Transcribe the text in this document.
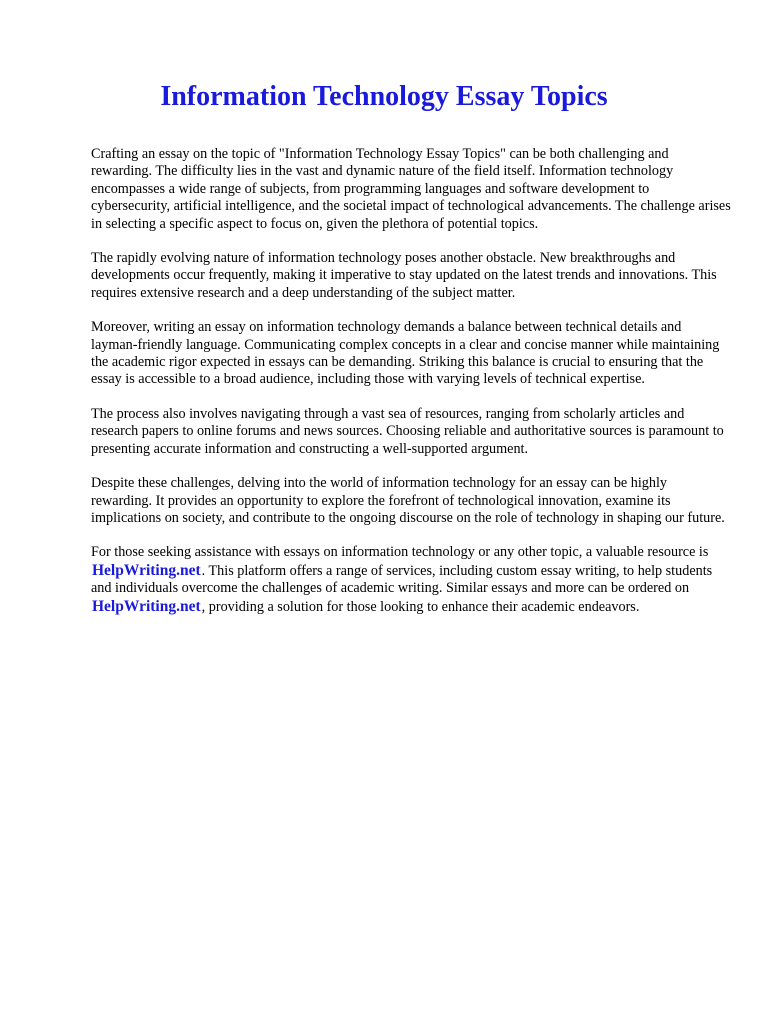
Information Technology Essay Topics

Crafting an essay on the topic of "Information Technology Essay Topics" can be both challenging and rewarding. The difficulty lies in the vast and dynamic nature of the field itself. Information technology encompasses a wide range of subjects, from programming languages and software development to cybersecurity, artificial intelligence, and the societal impact of technological advancements. The challenge arises in selecting a specific aspect to focus on, given the plethora of potential topics.

The rapidly evolving nature of information technology poses another obstacle. New breakthroughs and developments occur frequently, making it imperative to stay updated on the latest trends and innovations. This requires extensive research and a deep understanding of the subject matter.

Moreover, writing an essay on information technology demands a balance between technical details and layman-friendly language. Communicating complex concepts in a clear and concise manner while maintaining the academic rigor expected in essays can be demanding. Striking this balance is crucial to ensuring that the essay is accessible to a broad audience, including those with varying levels of technical expertise.

The process also involves navigating through a vast sea of resources, ranging from scholarly articles and research papers to online forums and news sources. Choosing reliable and authoritative sources is paramount to presenting accurate information and constructing a well-supported argument.

Despite these challenges, delving into the world of information technology for an essay can be highly rewarding. It provides an opportunity to explore the forefront of technological innovation, examine its implications on society, and contribute to the ongoing discourse on the role of technology in shaping our future.

For those seeking assistance with essays on information technology or any other topic, a valuable resource is HelpWriting.net. This platform offers a range of services, including custom essay writing, to help students and individuals overcome the challenges of academic writing. Similar essays and more can be ordered on HelpWriting.net, providing a solution for those looking to enhance their academic endeavors.
